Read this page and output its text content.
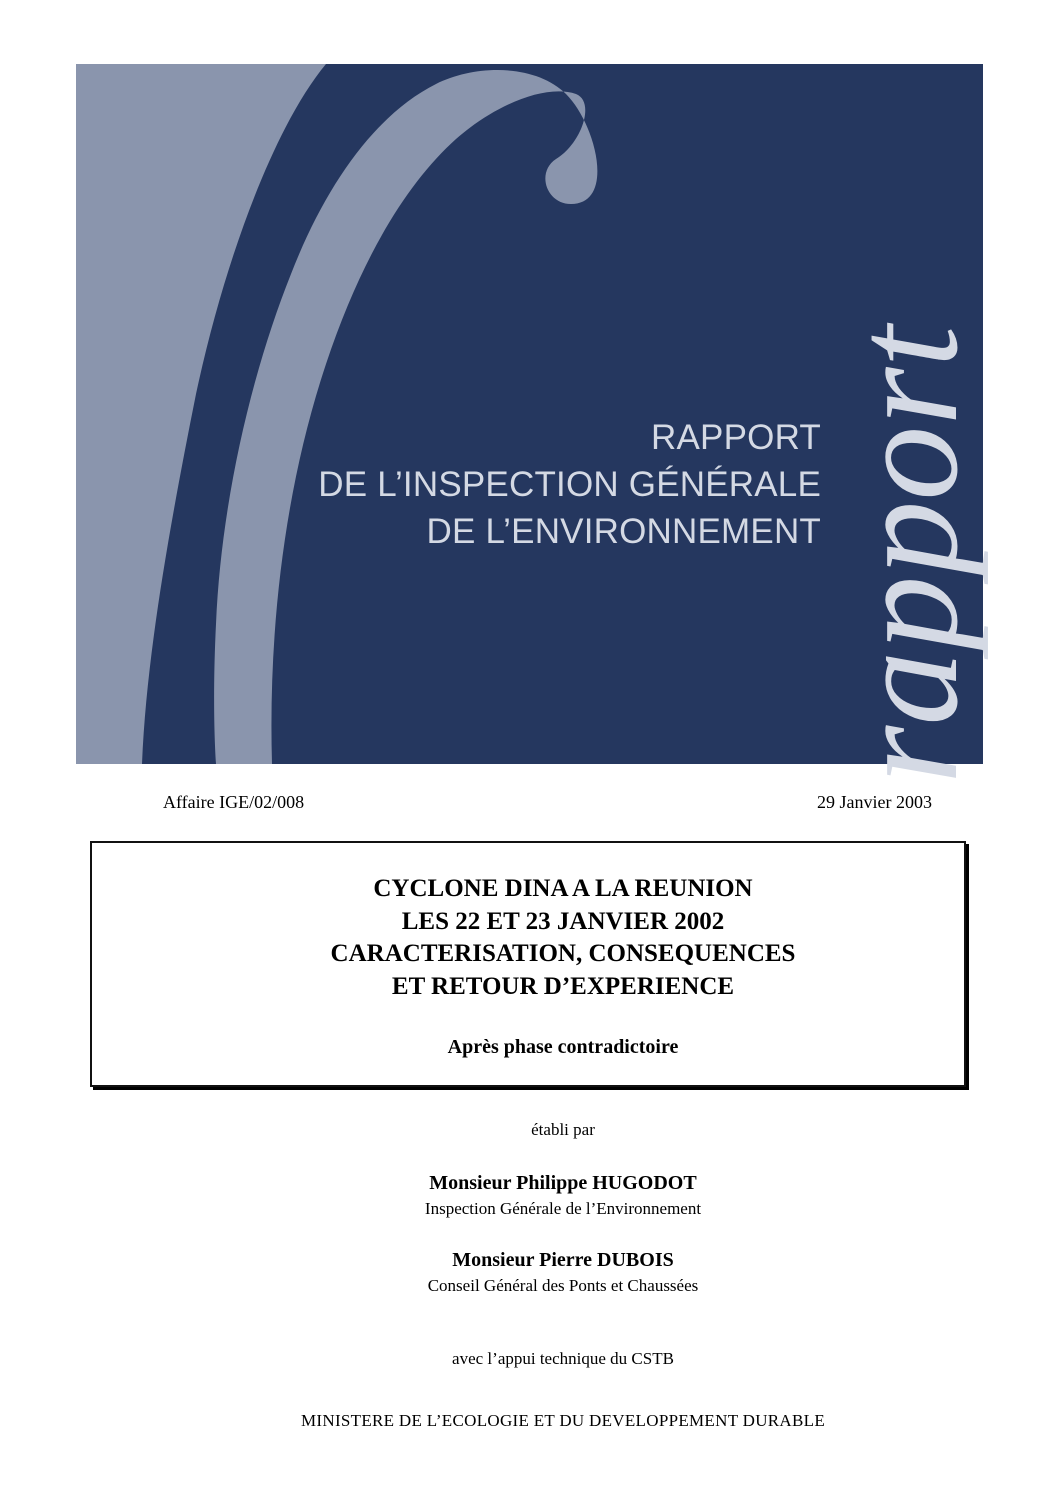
rapport
RAPPORT
DE L’INSPECTION GÉNÉRALE
DE L’ENVIRONNEMENT
Affaire IGE/02/008	29 Janvier 2003
CYCLONE DINA A LA REUNION
LES 22 ET 23 JANVIER 2002
CARACTERISATION, CONSEQUENCES
ET RETOUR D’EXPERIENCE
Après phase contradictoire
établi par
Monsieur Philippe HUGODOT
Inspection Générale de l’Environnement
Monsieur Pierre DUBOIS
Conseil Général des Ponts et Chaussées
avec l’appui technique du CSTB
MINISTERE DE L’ECOLOGIE ET DU DEVELOPPEMENT DURABLE
